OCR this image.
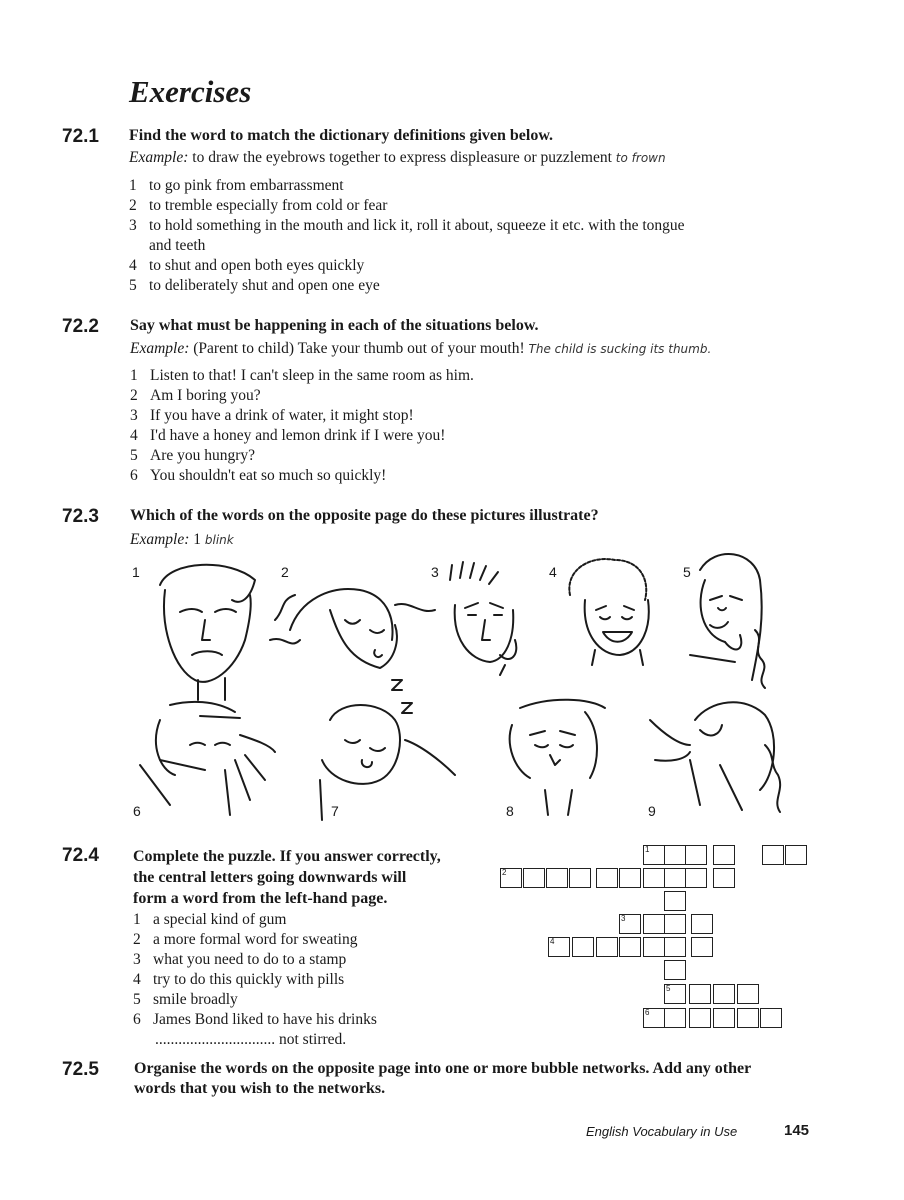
Exercises
72.1 Find the word to match the dictionary definitions given below.
Example: to draw the eyebrows together to express displeasure or puzzlement to frown
1 to go pink from embarrassment
2 to tremble especially from cold or fear
3 to hold something in the mouth and lick it, roll it about, squeeze it etc. with the tongue
and teeth
4 to shut and open both eyes quickly
5 to deliberately shut and open one eye
72.2 Say what must be happening in each of the situations below.
Example: (Parent to child) Take your thumb out of your mouth! The child is sucking its thumb.
1 Listen to that! I can't sleep in the same room as him.
2 Am I boring you?
3 If you have a drink of water, it might stop!
4 I'd have a honey and lemon drink if I were you!
5 Are you hungry?
6 You shouldn't eat so much so quickly!
72.3 Which of the words on the opposite page do these pictures illustrate?
Example: 1 blink
1	2	3	4	5
6	7	8	9
72.4 Complete the puzzle. If you answer correctly,
the central letters going downwards will
form a word from the left-hand page.
1 a special kind of gum
2 a more formal word for sweating
3 what you need to do to a stamp
4 try to do this quickly with pills
5 smile broadly
6 James Bond liked to have his drinks
............................... not stirred.
1
2
3
4
5
6
72.5 Organise the words on the opposite page into one or more bubble networks. Add any other
words that you wish to the networks.
English Vocabulary in Use	145
